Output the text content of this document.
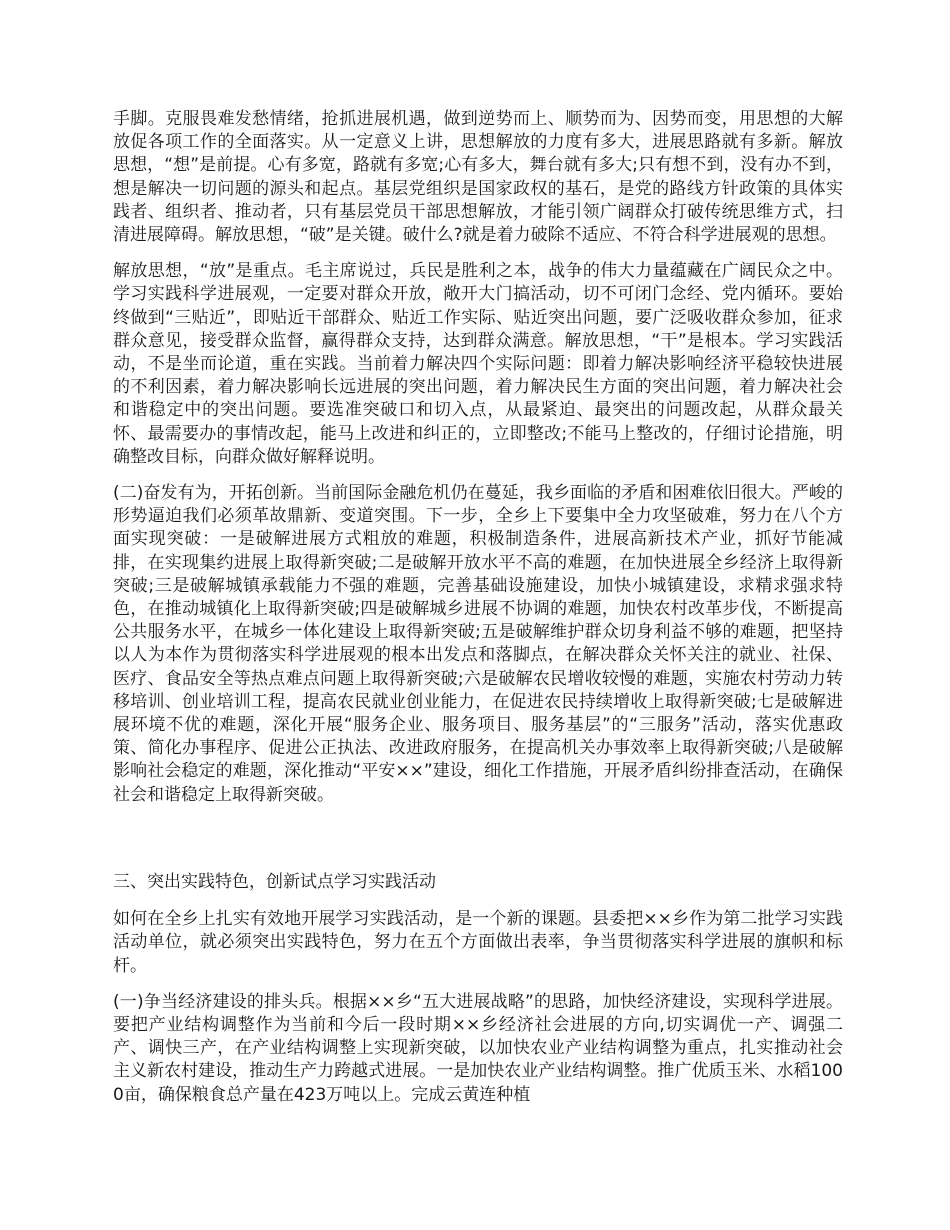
手脚。克服畏难发愁情绪，抢抓进展机遇，做到逆势而上、顺势而为、因势而变，用思想的大解放促各项工作的全面落实。从一定意义上讲，思想解放的力度有多大，进展思路就有多新。解放思想，“想”是前提。心有多宽，路就有多宽;心有多大，舞台就有多大;只有想不到，没有办不到，想是解决一切问题的源头和起点。基层党组织是国家政权的基石，是党的路线方针政策的具体实践者、组织者、推动者，只有基层党员干部思想解放，才能引领广阔群众打破传统思维方式，扫清进展障碍。解放思想，“破”是关键。破什么?就是着力破除不适应、不符合科学进展观的思想。

解放思想，“放”是重点。毛主席说过，兵民是胜利之本，战争的伟大力量蕴藏在广阔民众之中。学习实践科学进展观，一定要对群众开放，敞开大门搞活动，切不可闭门念经、党内循环。要始终做到“三贴近”，即贴近干部群众、贴近工作实际、贴近突出问题，要广泛吸收群众参加，征求群众意见，接受群众监督，赢得群众支持，达到群众满意。解放思想，“干”是根本。学习实践活动，不是坐而论道，重在实践。当前着力解决四个实际问题：即着力解决影响经济平稳较快进展的不利因素，着力解决影响长远进展的突出问题，着力解决民生方面的突出问题，着力解决社会和谐稳定中的突出问题。要选准突破口和切入点，从最紧迫、最突出的问题改起，从群众最关怀、最需要办的事情改起，能马上改进和纠正的，立即整改;不能马上整改的，仔细讨论措施，明确整改目标，向群众做好解释说明。

(二)奋发有为，开拓创新。当前国际金融危机仍在蔓延，我乡面临的矛盾和困难依旧很大。严峻的形势逼迫我们必须革故鼎新、变道突围。下一步，全乡上下要集中全力攻坚破难，努力在八个方面实现突破：一是破解进展方式粗放的难题，积极制造条件，进展高新技术产业，抓好节能减排，在实现集约进展上取得新突破;二是破解开放水平不高的难题，在加快进展全乡经济上取得新突破;三是破解城镇承载能力不强的难题，完善基础设施建设，加快小城镇建设，求精求强求特色，在推动城镇化上取得新突破;四是破解城乡进展不协调的难题，加快农村改革步伐，不断提高公共服务水平，在城乡一体化建设上取得新突破;五是破解维护群众切身利益不够的难题，把坚持以人为本作为贯彻落实科学进展观的根本出发点和落脚点，在解决群众关怀关注的就业、社保、医疗、食品安全等热点难点问题上取得新突破;六是破解农民增收较慢的难题，实施农村劳动力转移培训、创业培训工程，提高农民就业创业能力，在促进农民持续增收上取得新突破;七是破解进展环境不优的难题，深化开展“服务企业、服务项目、服务基层”的“三服务”活动，落实优惠政策、简化办事程序、促进公正执法、改进政府服务，在提高机关办事效率上取得新突破;八是破解影响社会稳定的难题，深化推动“平安××”建设，细化工作措施，开展矛盾纠纷排查活动，在确保社会和谐稳定上取得新突破。

三、突出实践特色，创新试点学习实践活动

如何在全乡上扎实有效地开展学习实践活动，是一个新的课题。县委把××乡作为第二批学习实践活动单位，就必须突出实践特色，努力在五个方面做出表率，争当贯彻落实科学进展的旗帜和标杆。

(一)争当经济建设的排头兵。根据××乡“五大进展战略”的思路，加快经济建设，实现科学进展。要把产业结构调整作为当前和今后一段时期××乡经济社会进展的方向,切实调优一产、调强二产、调快三产，在产业结构调整上实现新突破，以加快农业产业结构调整为重点，扎实推动社会主义新农村建设，推动生产力跨越式进展。一是加快农业产业结构调整。推广优质玉米、水稻1000亩，确保粮食总产量在423万吨以上。完成云黄连种植
